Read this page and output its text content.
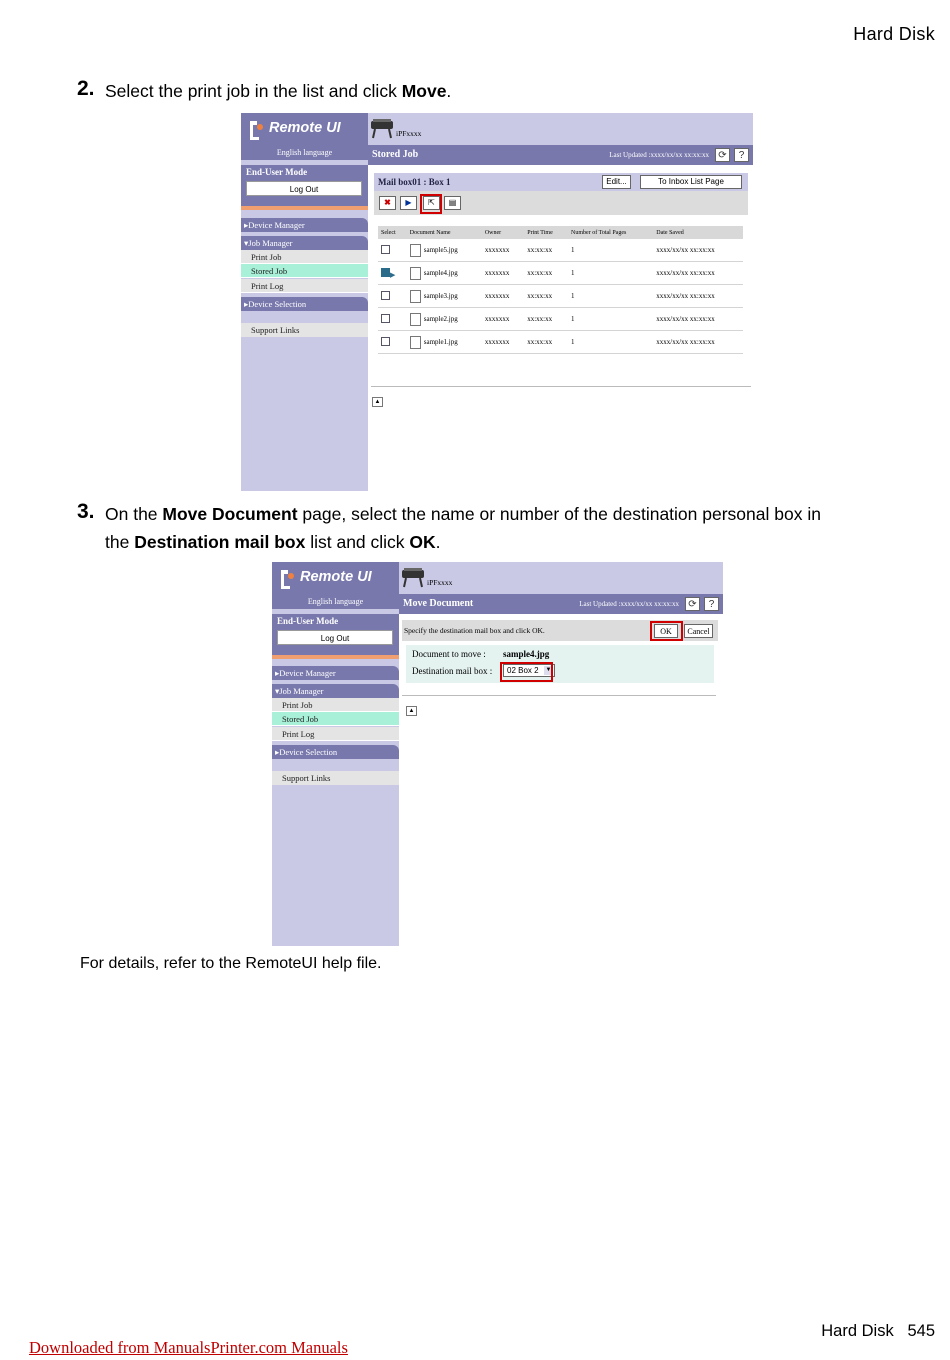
Hard Disk
2. Select the print job in the list and click Move.
Remote UI
English language
End-User Mode
Log Out
▸Device Manager
▾Job Manager
Print Job
Stored Job
Print Log
▸Device Selection
Support Links
iPFxxxx
Stored Job	Last Updated :xxxx/xx/xx xx:xx:xx ⟳	?
Mail box01 : Box 1	Edit...	To Inbox List Page
✖	▶	⇱	▤
Select	Document Name	Owner	Print Time	Number of Total Pages	Date Saved
	sample5.jpg	xxxxxxx	xx:xx:xx	1	xxxx/xx/xx xx:xx:xx
▶	sample4.jpg	xxxxxxx	xx:xx:xx	1	xxxx/xx/xx xx:xx:xx
	sample3.jpg	xxxxxxx	xx:xx:xx	1	xxxx/xx/xx xx:xx:xx
	sample2.jpg	xxxxxxx	xx:xx:xx	1	xxxx/xx/xx xx:xx:xx
	sample1.jpg	xxxxxxx	xx:xx:xx	1	xxxx/xx/xx xx:xx:xx
▲
3. On the Move Document page, select the name or number of the destination personal box in
the Destination mail box list and click OK.
Remote UI
English language
End-User Mode
Log Out
▸Device Manager
▾Job Manager
Print Job
Stored Job
Print Log
▸Device Selection
Support Links
iPFxxxx
Move Document	Last Updated :xxxx/xx/xx xx:xx:xx ⟳	?
Specify the destination mail box and click OK.	OK	Cancel
Document to move : sample4.jpg
Destination mail box :	02 Box 2 ▼
▲
For details, refer to the RemoteUI help file.
Hard Disk 545
Downloaded from ManualsPrinter.com Manuals
